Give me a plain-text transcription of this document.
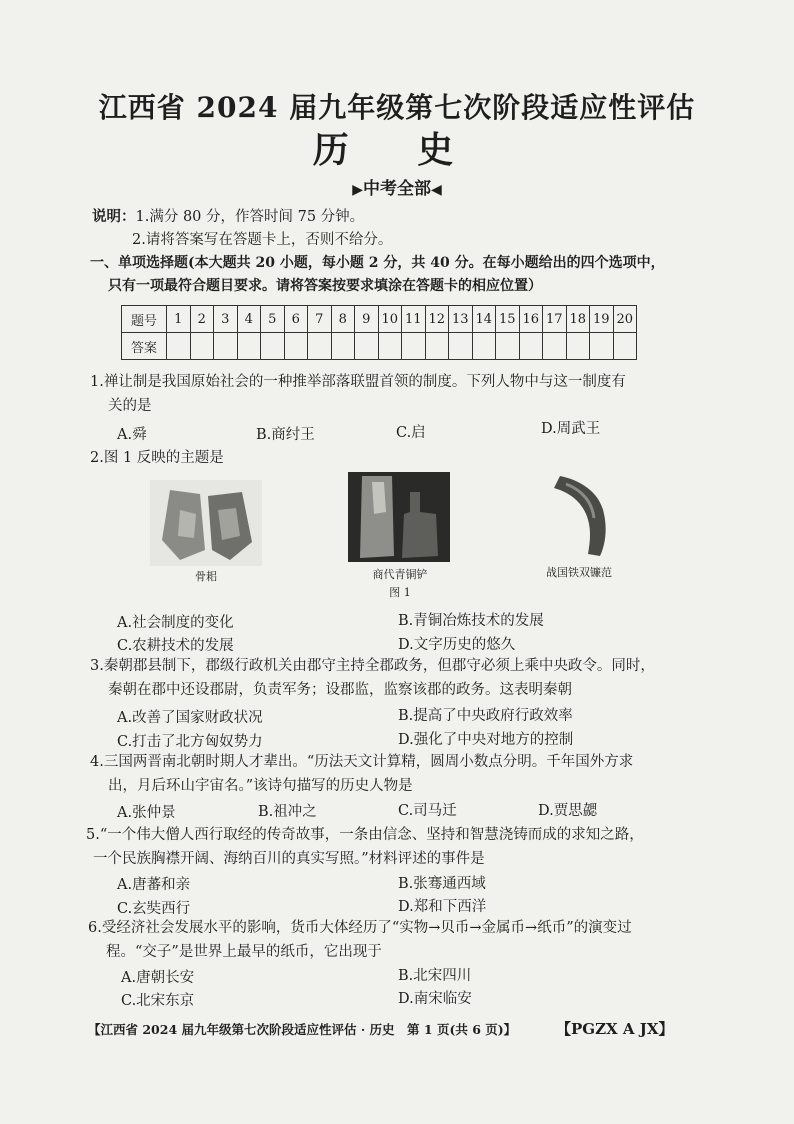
江西省 2024 届九年级第七次阶段适应性评估
历 史
▶中考全部◀
说明：1.满分 80 分，作答时间 75 分钟。
2.请将答案写在答题卡上，否则不给分。
一、单项选择题(本大题共 20 小题，每小题 2 分，共 40 分。在每小题给出的四个选项中，
只有一项最符合题目要求。请将答案按要求填涂在答题卡的相应位置）
题号	1	2	3	4	5	6	7	8	9	10	11	12	13	14	15	16	17	18	19	20
答案																				
1.禅让制是我国原始社会的一种推举部落联盟首领的制度。下列人物中与这一制度有
关的是
A.舜	B.商纣王	C.启	D.周武王
2.图 1 反映的主题是
骨耜	商代青铜铲
图 1
战国铁双镰范
A.社会制度的变化	B.青铜冶炼技术的发展
C.农耕技术的发展	D.文字历史的悠久
3.秦朝郡县制下，郡级行政机关由郡守主持全郡政务，但郡守必须上乘中央政令。同时，
秦朝在郡中还设郡尉，负责军务；设郡监，监察该郡的政务。这表明秦朝
A.改善了国家财政状况	B.提高了中央政府行政效率
C.打击了北方匈奴势力	D.强化了中央对地方的控制
4.三国两晋南北朝时期人才辈出。“历法天文计算精，圆周小数点分明。千年国外方求
出，月后环山宇宙名。”该诗句描写的历史人物是
A.张仲景	B.祖冲之	C.司马迁	D.贾思勰
5.“一个伟大僧人西行取经的传奇故事，一条由信念、坚持和智慧浇铸而成的求知之路，
一个民族胸襟开阔、海纳百川的真实写照。”材料评述的事件是
A.唐蕃和亲	B.张骞通西域
C.玄奘西行	D.郑和下西洋
6.受经济社会发展水平的影响，货币大体经历了“实物→贝币→金属币→纸币”的演变过
程。“交子”是世界上最早的纸币，它出现于
A.唐朝长安	B.北宋四川
C.北宋东京	D.南宋临安
【江西省 2024 届九年级第七次阶段适应性评估 · 历史　第 1 页(共 6 页)】	【PGZX A JX】
